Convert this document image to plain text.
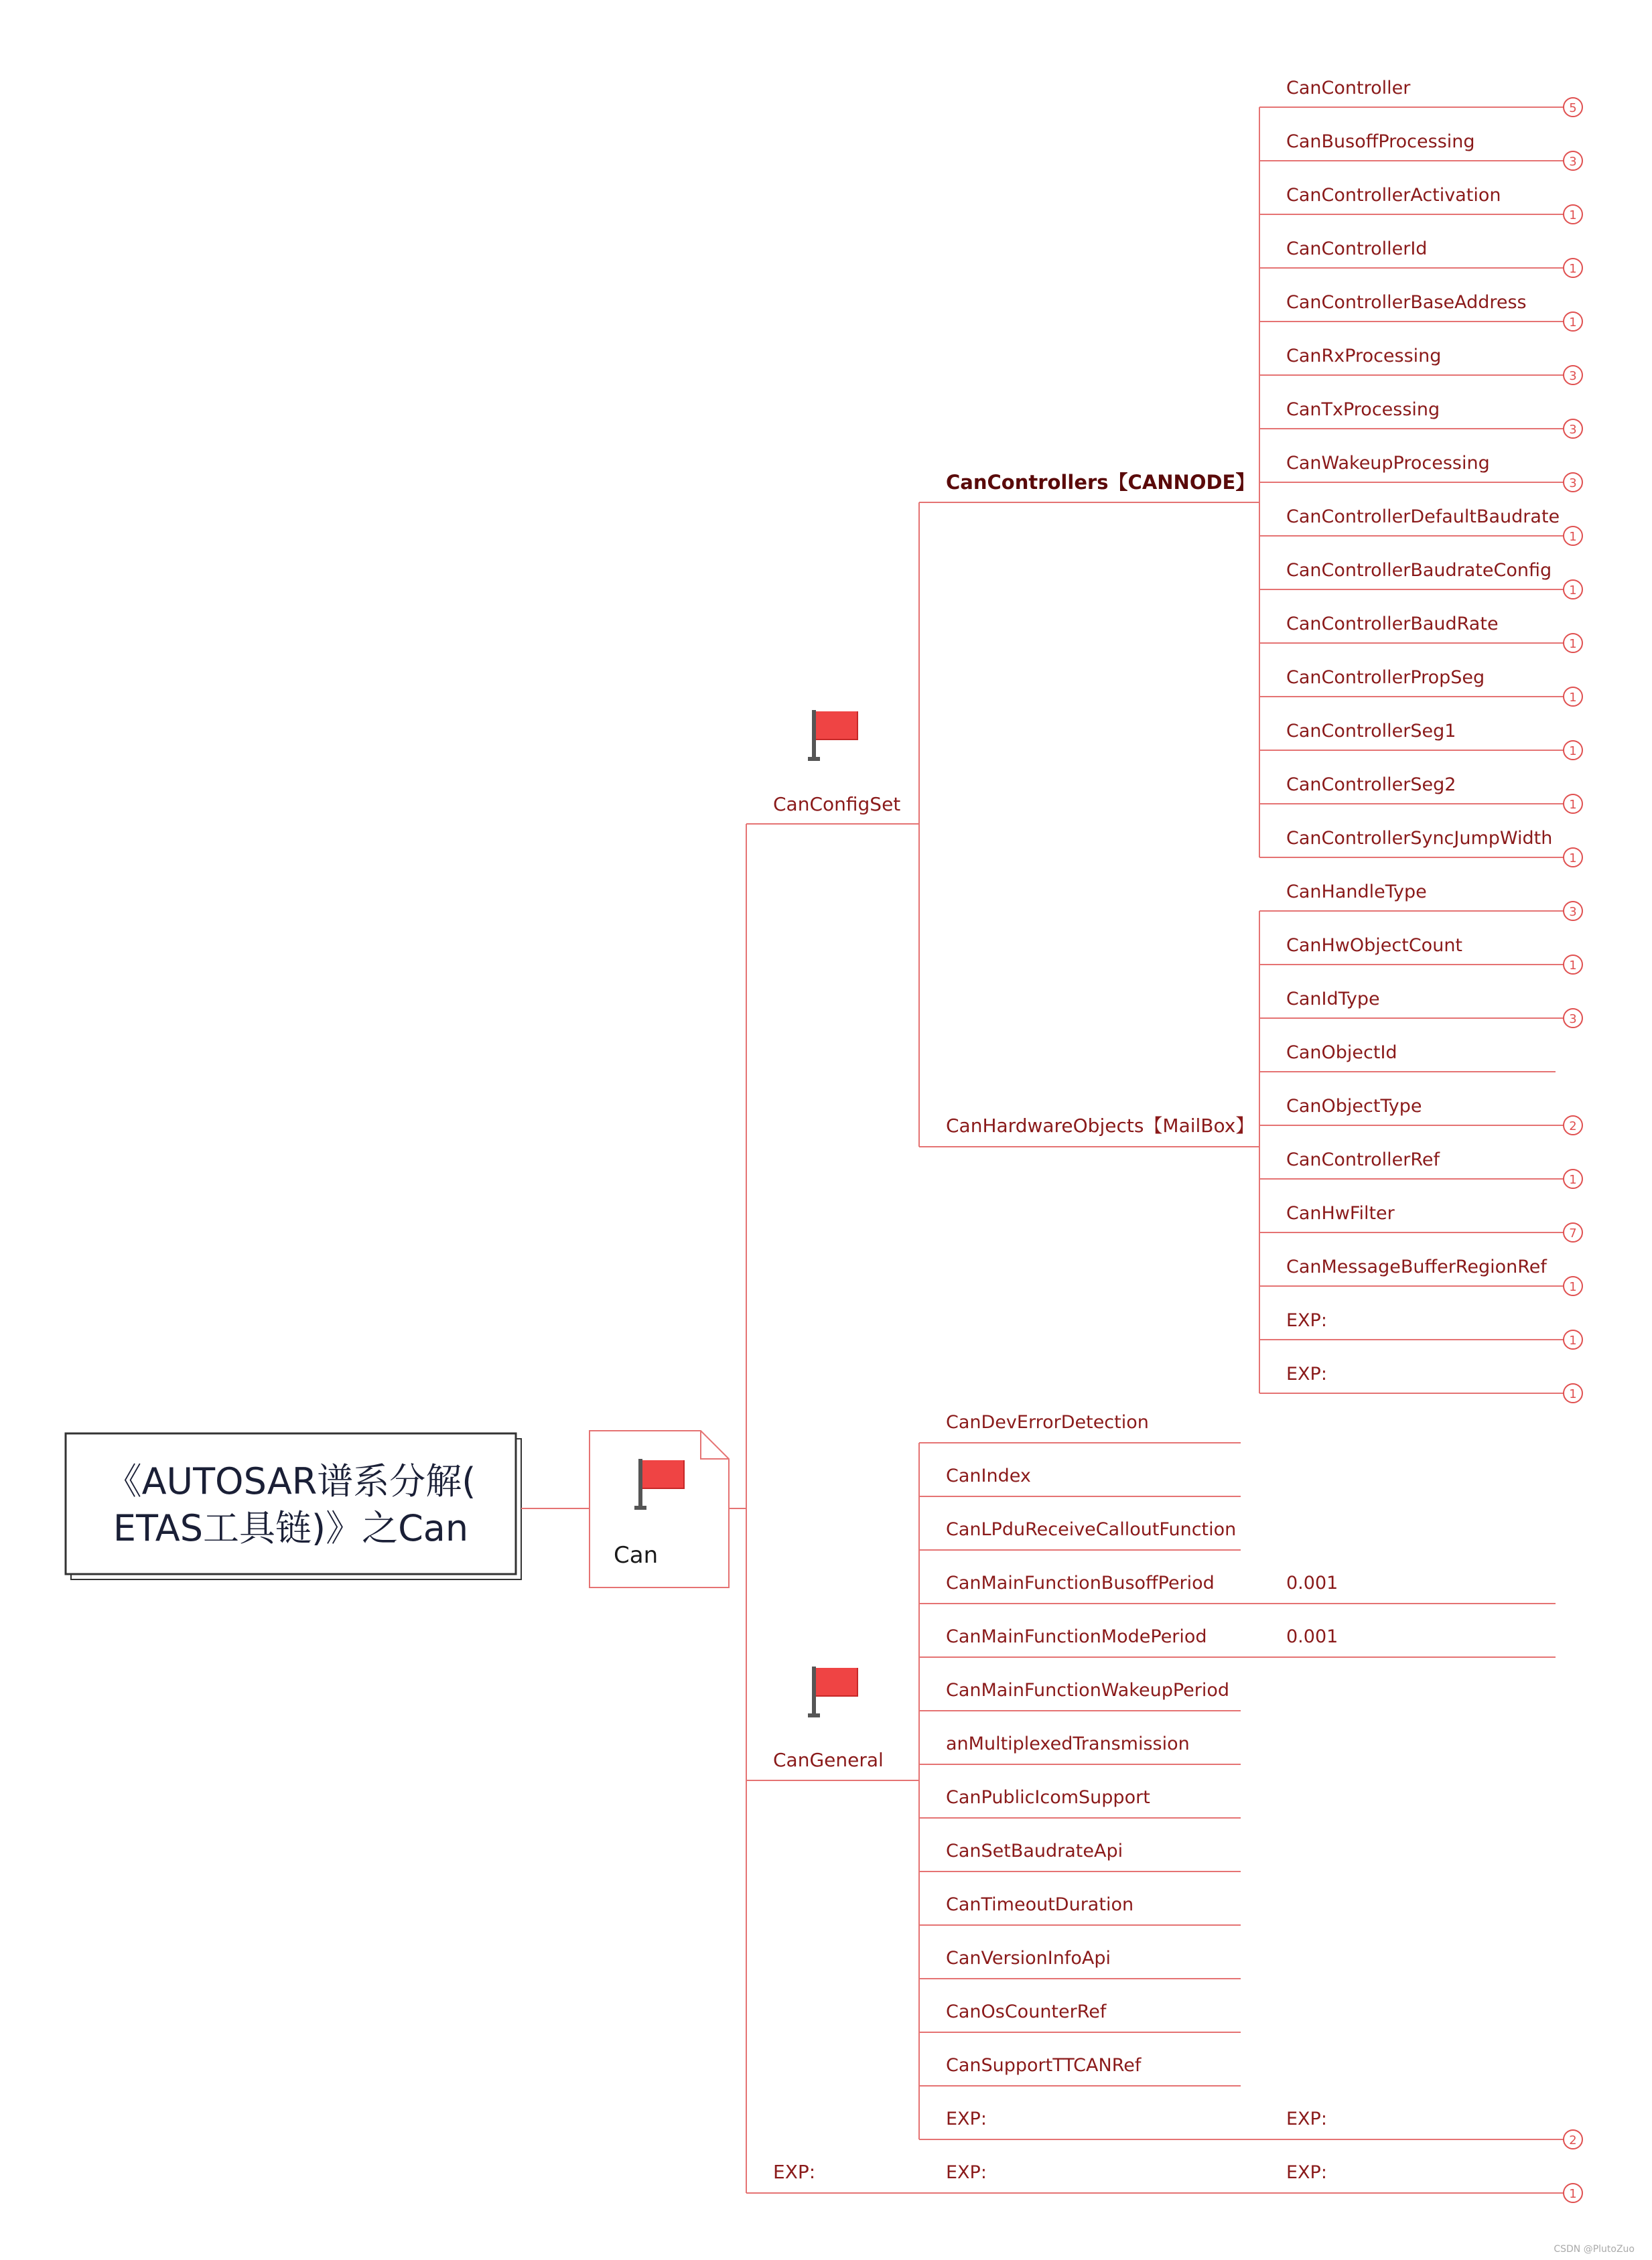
《AUTOSAR谱系分解(
ETAS工具链)》之Can
Can
CanConfigSet
CanControllers【CANNODE】
CanController
5
CanBusoffProcessing
3
CanControllerActivation
1
CanControllerId
1
CanControllerBaseAddress
1
CanRxProcessing
3
CanTxProcessing
3
CanWakeupProcessing
3
CanControllerDefaultBaudrate
1
CanControllerBaudrateConfig
1
CanControllerBaudRate
1
CanControllerPropSeg
1
CanControllerSeg1
1
CanControllerSeg2
1
CanControllerSyncJumpWidth
1
CanHardwareObjects【MailBox】
CanHandleType
3
CanHwObjectCount
1
CanIdType
3
CanObjectId
CanObjectType
2
CanControllerRef
1
CanHwFilter
7
CanMessageBufferRegionRef
1
EXP:
1
EXP:
1
CanGeneral
CanDevErrorDetection
CanIndex
CanLPduReceiveCalloutFunction
CanMainFunctionBusoffPeriod	0.001
CanMainFunctionModePeriod	0.001
CanMainFunctionWakeupPeriod
anMultiplexedTransmission
CanPublicIcomSupport
CanSetBaudrateApi
CanTimeoutDuration
CanVersionInfoApi
CanOsCounterRef
CanSupportTTCANRef
EXP:	EXP:
2
EXP:	EXP:	EXP:
1
CSDN @PlutoZuo
